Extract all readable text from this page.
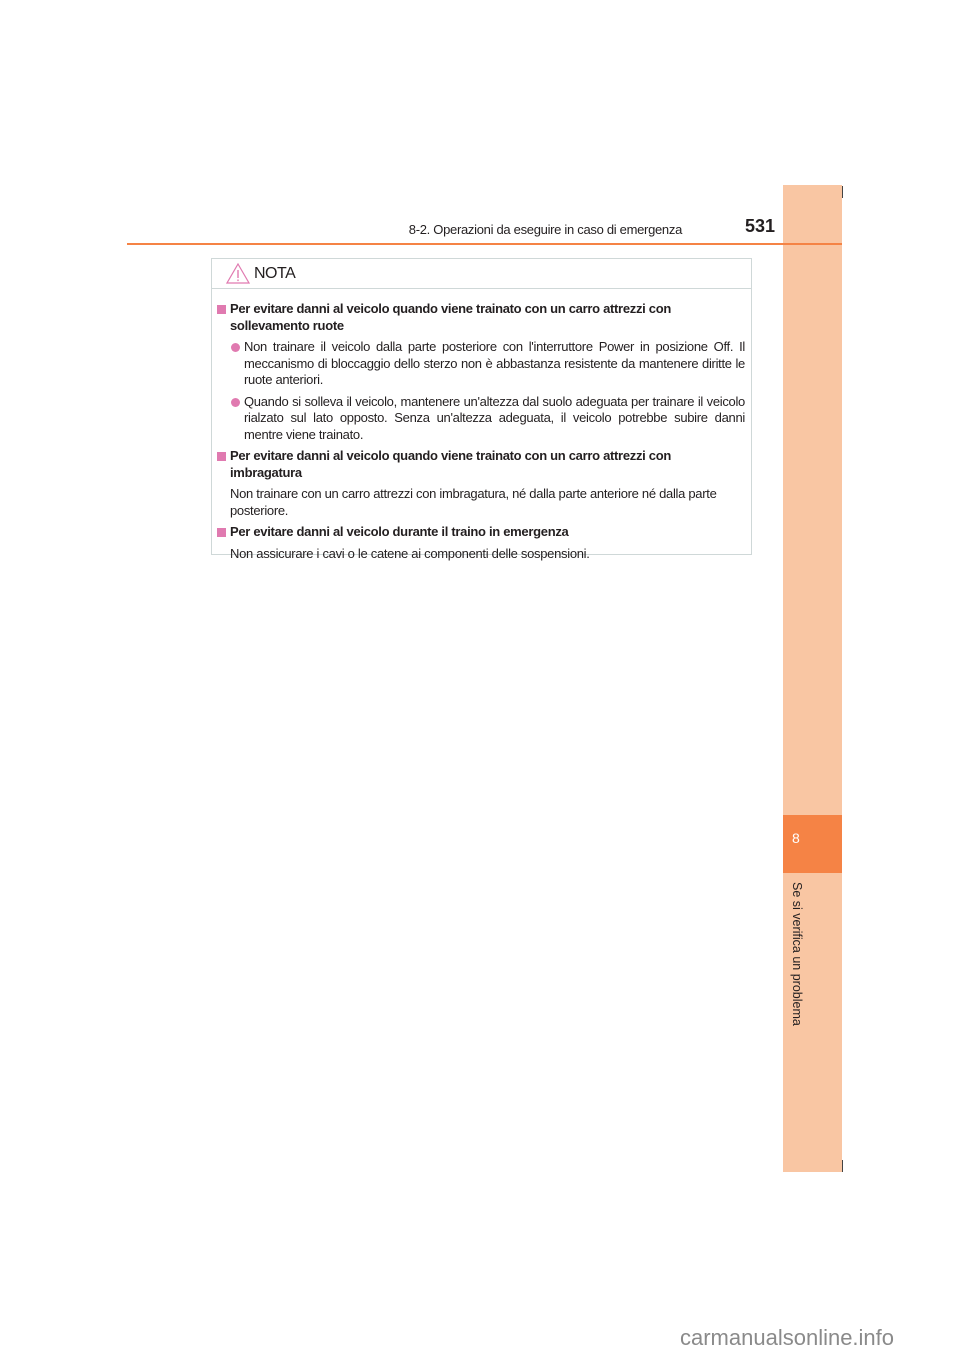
8
Se si verifica un problema
8-2. Operazioni da eseguire in caso di emergenza	531
NOTA
Per evitare danni al veicolo quando viene trainato con un carro attrezzi con sollevamento ruote
Non trainare il veicolo dalla parte posteriore con l'interruttore Power in posizione Off. Il meccanismo di bloccaggio dello sterzo non è abbastanza resistente da mantenere diritte le ruote anteriori.
Quando si solleva il veicolo, mantenere un'altezza dal suolo adeguata per trainare il veicolo rialzato sul lato opposto. Senza un'altezza adeguata, il veicolo potrebbe subire danni mentre viene trainato.
Per evitare danni al veicolo quando viene trainato con un carro attrezzi con imbragatura
Non trainare con un carro attrezzi con imbragatura, né dalla parte anteriore né dalla parte posteriore.
Per evitare danni al veicolo durante il traino in emergenza
Non assicurare i cavi o le catene ai componenti delle sospensioni.
carmanualsonline.info
